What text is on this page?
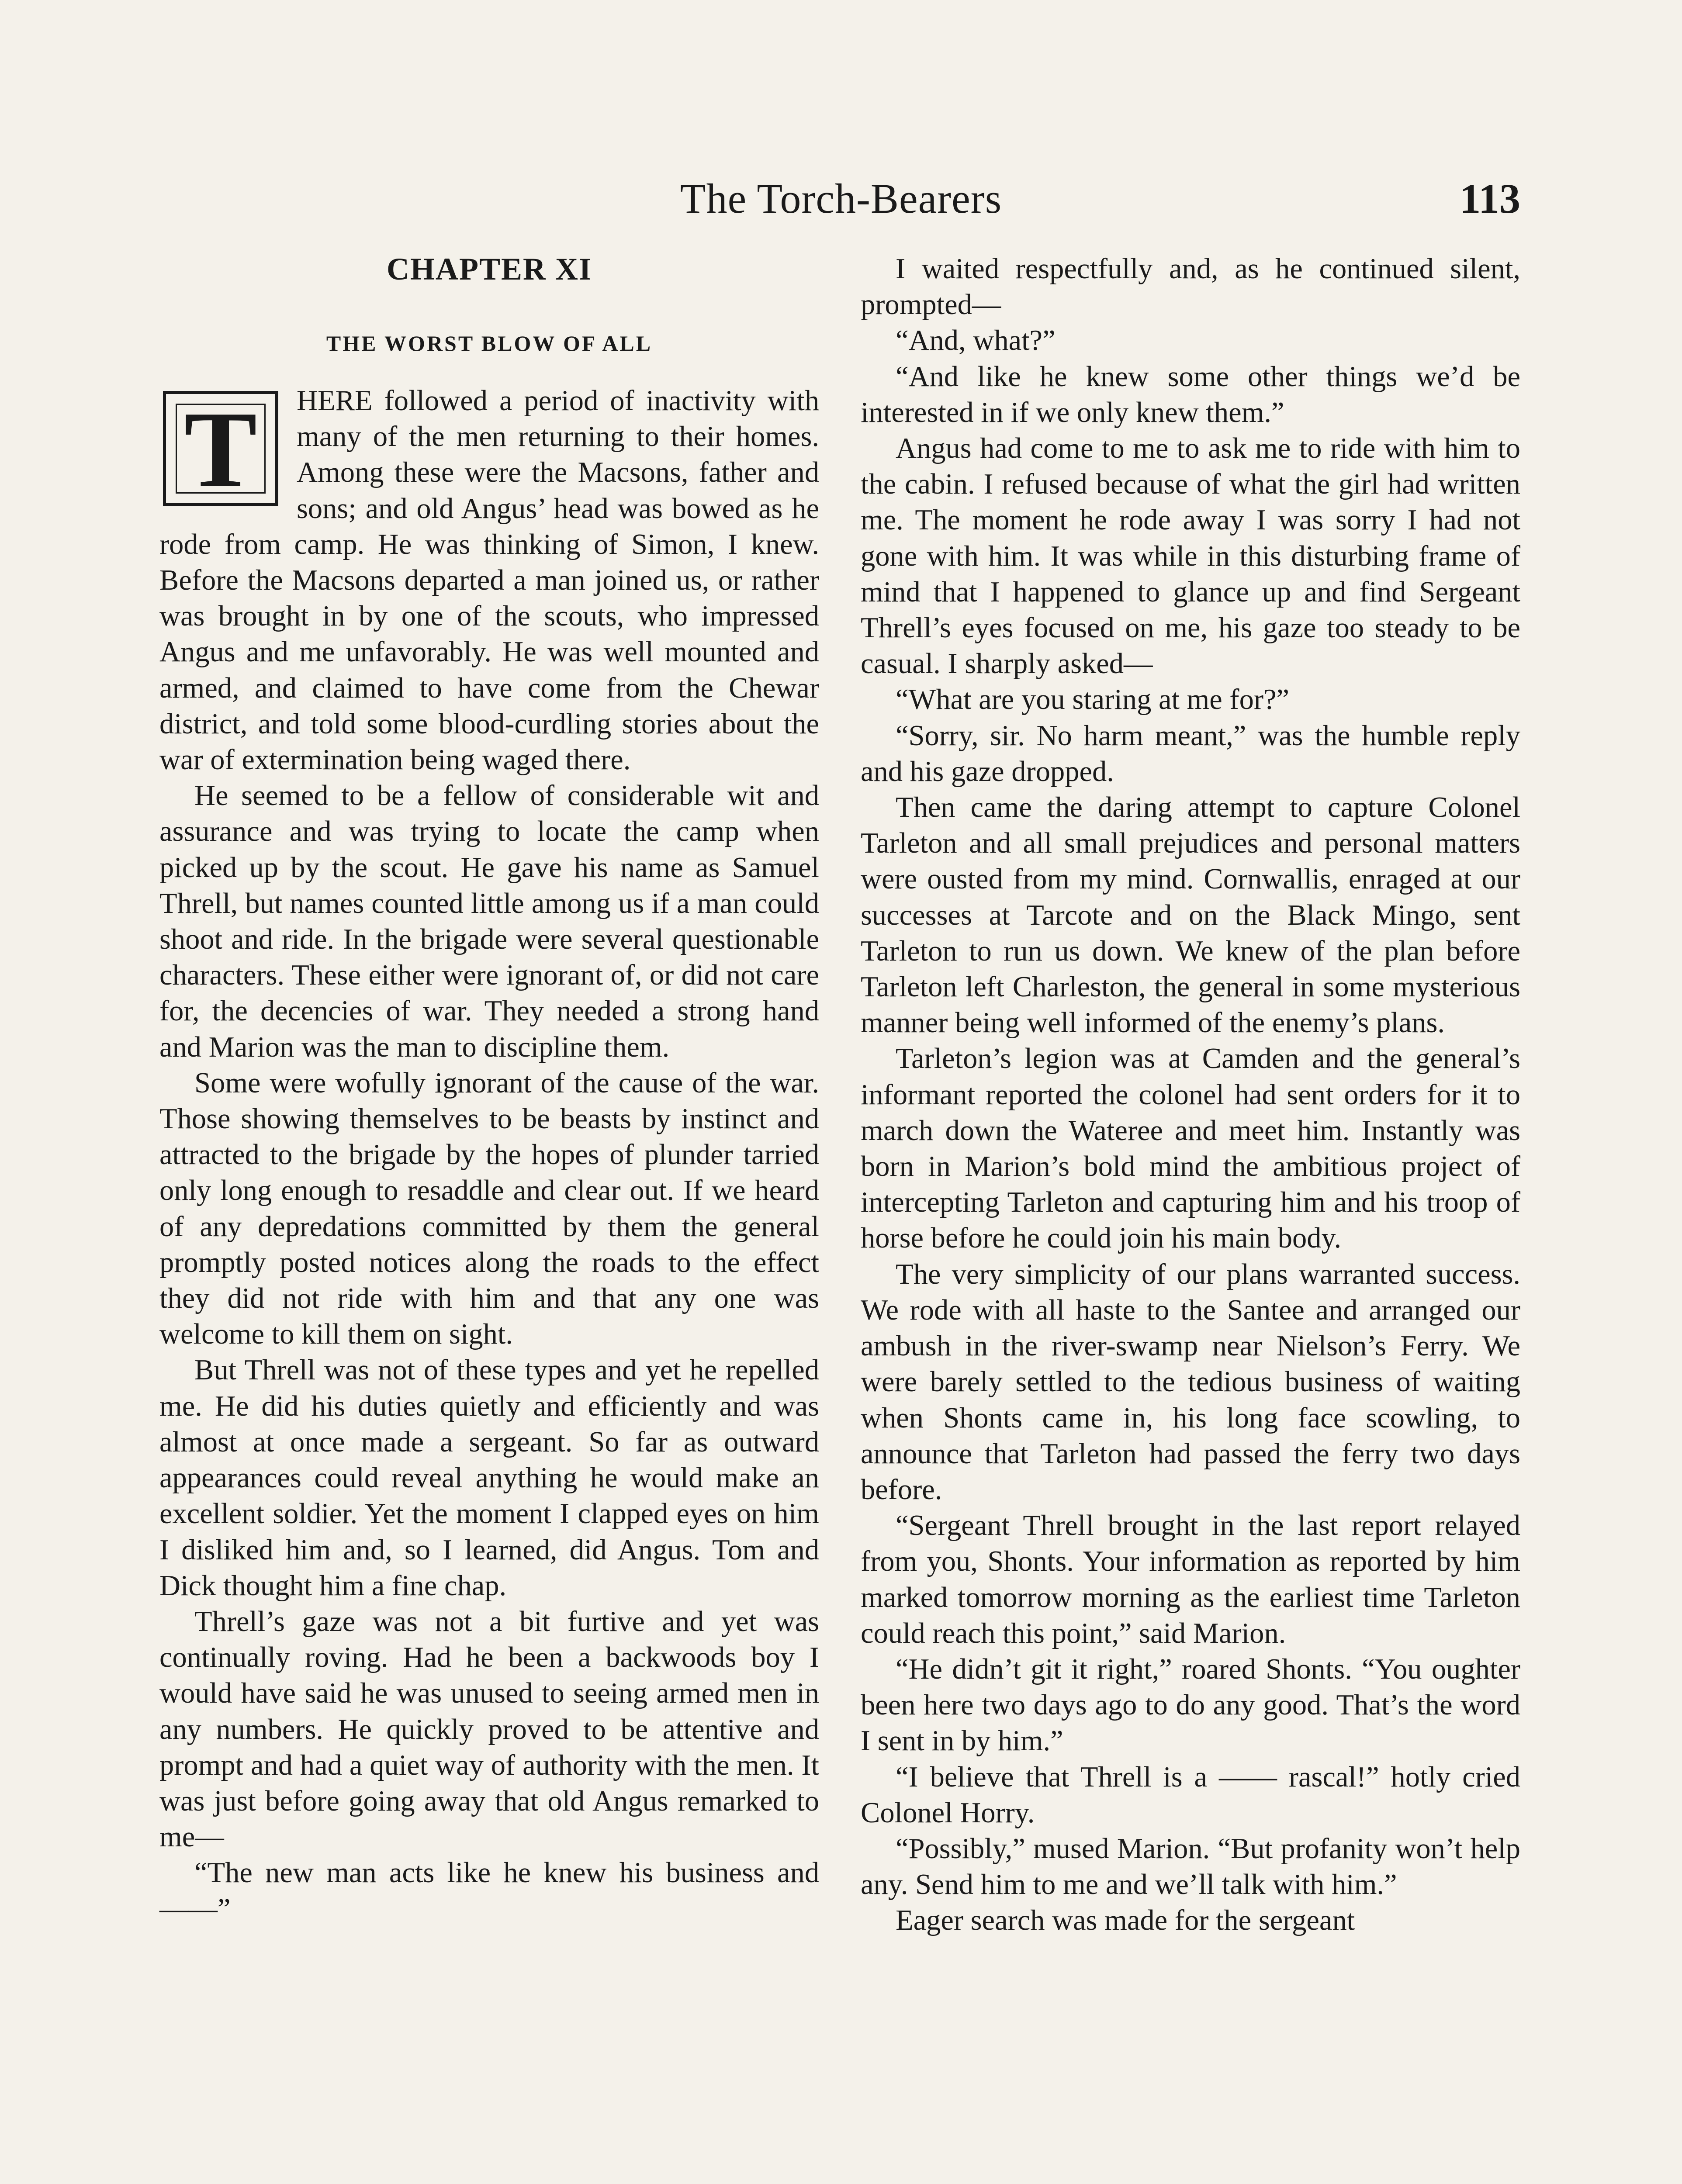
The Torch-Bearers	113
CHAPTER XI
THE WORST BLOW OF ALL
T	HERE followed a period of inactivity with many of the men returning to their homes. Among these were the Macsons, father and sons; and old Angus’ head was bowed as he rode from camp. He was thinking of Simon, I knew. Before the Macsons departed a man joined us, or rather was brought in by one of the scouts, who impressed Angus and me unfavorably. He was well mounted and armed, and claimed to have come from the Chewar district, and told some blood-curdling stories about the war of extermination being waged there.

He seemed to be a fellow of considerable wit and assurance and was trying to locate the camp when picked up by the scout. He gave his name as Samuel Threll, but names counted little among us if a man could shoot and ride. In the brigade were several questionable characters. These either were ignorant of, or did not care for, the decencies of war. They needed a strong hand and Marion was the man to discipline them.

Some were wofully ignorant of the cause of the war. Those showing themselves to be beasts by instinct and attracted to the brigade by the hopes of plunder tarried only long enough to resaddle and clear out. If we heard of any depredations committed by them the general promptly posted notices along the roads to the effect they did not ride with him and that any one was welcome to kill them on sight.

But Threll was not of these types and yet he repelled me. He did his duties quietly and efficiently and was almost at once made a sergeant. So far as outward appearances could reveal anything he would make an excellent soldier. Yet the moment I clapped eyes on him I disliked him and, so I learned, did Angus. Tom and Dick thought him a fine chap.

Threll’s gaze was not a bit furtive and yet was continually roving. Had he been a backwoods boy I would have said he was unused to seeing armed men in any numbers. He quickly proved to be attentive and prompt and had a quiet way of authority with the men. It was just before going away that old Angus remarked to me—

“The new man acts like he knew his business and——”

I waited respectfully and, as he continued silent, prompted—

“And, what?”

“And like he knew some other things we’d be interested in if we only knew them.”

Angus had come to me to ask me to ride with him to the cabin. I refused because of what the girl had written me. The moment he rode away I was sorry I had not gone with him. It was while in this disturbing frame of mind that I happened to glance up and find Sergeant Threll’s eyes focused on me, his gaze too steady to be casual. I sharply asked—

“What are you staring at me for?”

“Sorry, sir. No harm meant,” was the humble reply and his gaze dropped.

Then came the daring attempt to capture Colonel Tarleton and all small prejudices and personal matters were ousted from my mind. Cornwallis, enraged at our successes at Tarcote and on the Black Mingo, sent Tarleton to run us down. We knew of the plan before Tarleton left Charleston, the general in some mysterious manner being well informed of the enemy’s plans.

Tarleton’s legion was at Camden and the general’s informant reported the colonel had sent orders for it to march down the Wateree and meet him. Instantly was born in Marion’s bold mind the ambitious project of intercepting Tarleton and capturing him and his troop of horse before he could join his main body.

The very simplicity of our plans warranted success. We rode with all haste to the Santee and arranged our ambush in the river-swamp near Nielson’s Ferry. We were barely settled to the tedious business of waiting when Shonts came in, his long face scowling, to announce that Tarleton had passed the ferry two days before.

“Sergeant Threll brought in the last report relayed from you, Shonts. Your information as reported by him marked tomorrow morning as the earliest time Tarleton could reach this point,” said Marion.

“He didn’t git it right,” roared Shonts. “You oughter been here two days ago to do any good. That’s the word I sent in by him.”

“I believe that Threll is a —— rascal!” hotly cried Colonel Horry.

“Possibly,” mused Marion. “But profanity won’t help any. Send him to me and we’ll talk with him.”

Eager search was made for the sergeant
